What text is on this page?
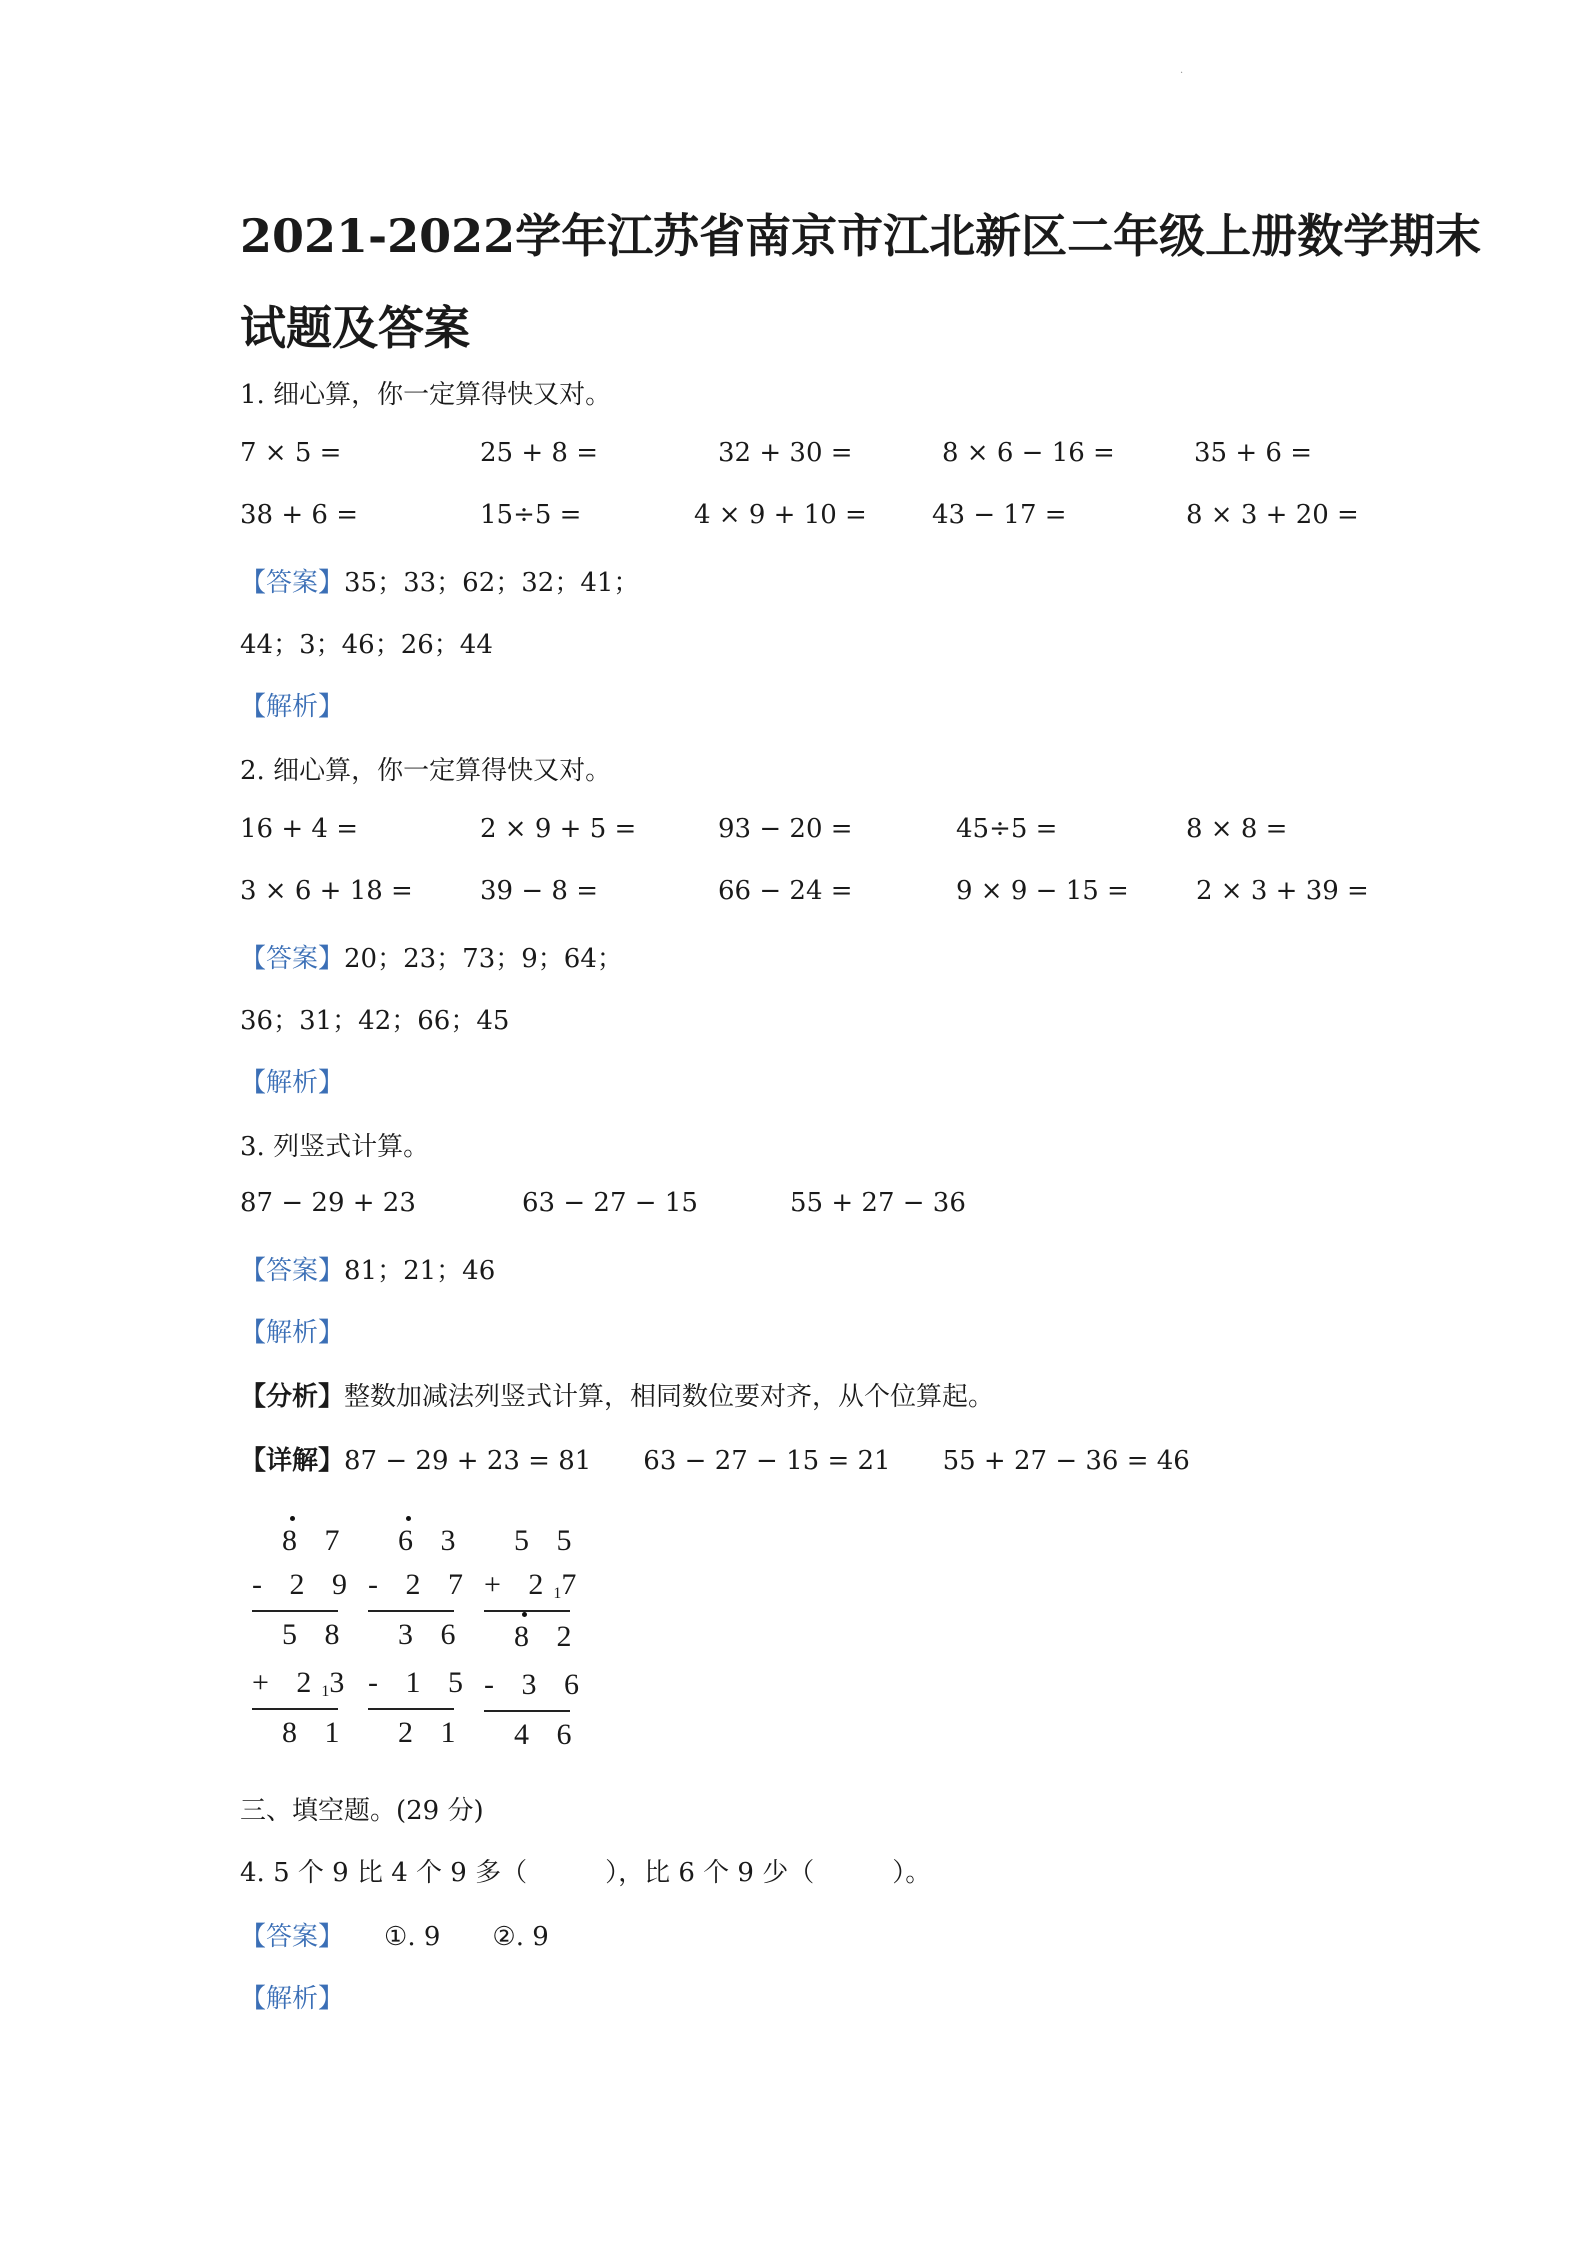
·
2021-2022学年江苏省南京市江北新区二年级上册数学期末
试题及答案
1. 细心算，你一定算得快又对。
7 × 5 =	25 + 8 =	32 + 30 =	8 × 6 − 16 =	35 + 6 =
38 + 6 =	15÷5 =	4 × 9 + 10 =	43 − 17 =	8 × 3 + 20 =
【答案】35；33；62；32；41；
44；3；46；26；44
【解析】
2. 细心算，你一定算得快又对。
16 + 4 =	2 × 9 + 5 =	93 − 20 =	45÷5 =	8 × 8 =
3 × 6 + 18 =	39 − 8 =	66 − 24 =	9 × 9 − 15 =	2 × 3 + 39 =
【答案】20；23；73；9；64；
36；31；42；66；45
【解析】
3. 列竖式计算。
87 − 29 + 23	63 − 27 − 15	55 + 27 − 36
【答案】81；21；46
【解析】
【分析】整数加减法列竖式计算，相同数位要对齐，从个位算起。
【详解】87 − 29 + 23 = 81　　63 − 27 − 15 = 21　　55 + 27 − 36 = 46
8 7
- 2 9
5 8
+ $2_13$
8 1
6 3
- 2 7
3 6
- 1 5
2 1
5 5
+ $2_17$
8 2
- 3 6
4 6
三、填空题。(29 分)
4. 5 个 9 比 4 个 9 多（　　　），比 6 个 9 少（　　　）。
【答案】 ①. 9　　②. 9
【解析】
